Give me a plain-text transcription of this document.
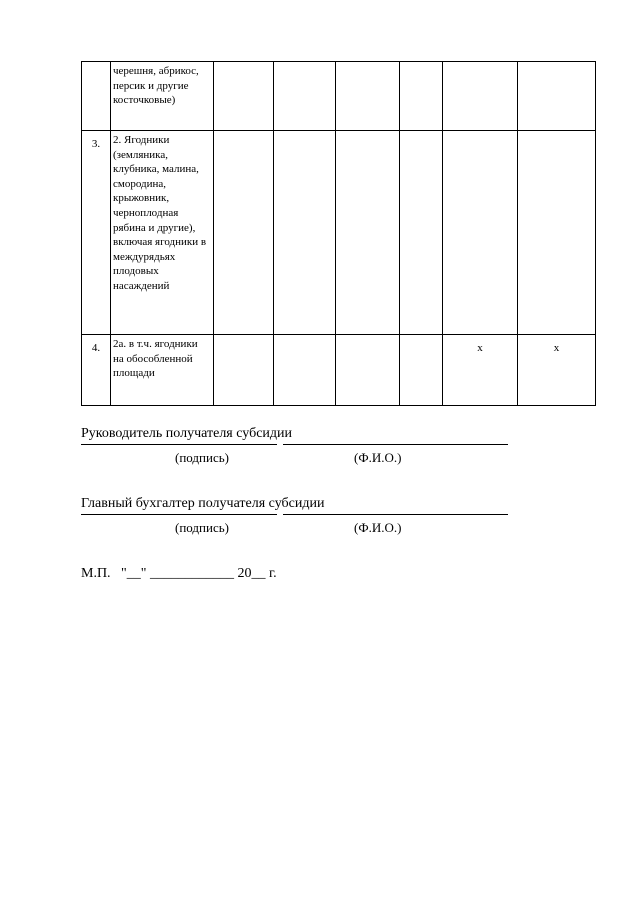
	черешня, абрикос, персик и другие косточковые)						
3.	2. Ягодники (земляника, клубника, малина, смородина, крыжовник, черноплодная рябина и другие), включая ягодники в междурядьях плодовых насаждений						
4.	2а. в т.ч. ягодники на обособленной площади					x	x
Руководитель получателя субсидии
(подпись)	(Ф.И.О.)
Главный бухгалтер получателя субсидии
(подпись)	(Ф.И.О.)
М.П.   "__" ____________ 20__ г.
